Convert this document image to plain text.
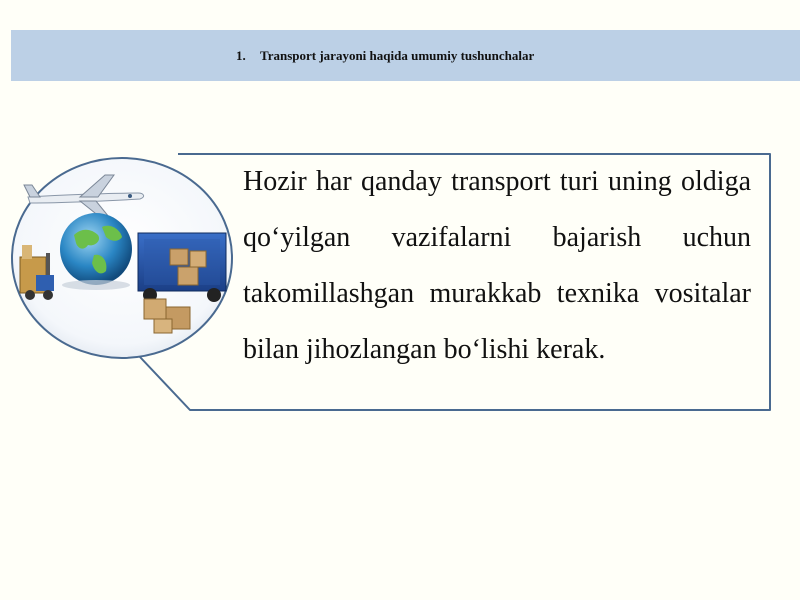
1. Transport jarayoni haqida umumiy tushunchalar
Hozir har qanday transport turi uning oldiga qo‘yilgan vazifalarni bajarish uchun takomillashgan murakkab texnika vositalar bilan jihozlangan bo‘lishi kerak.
